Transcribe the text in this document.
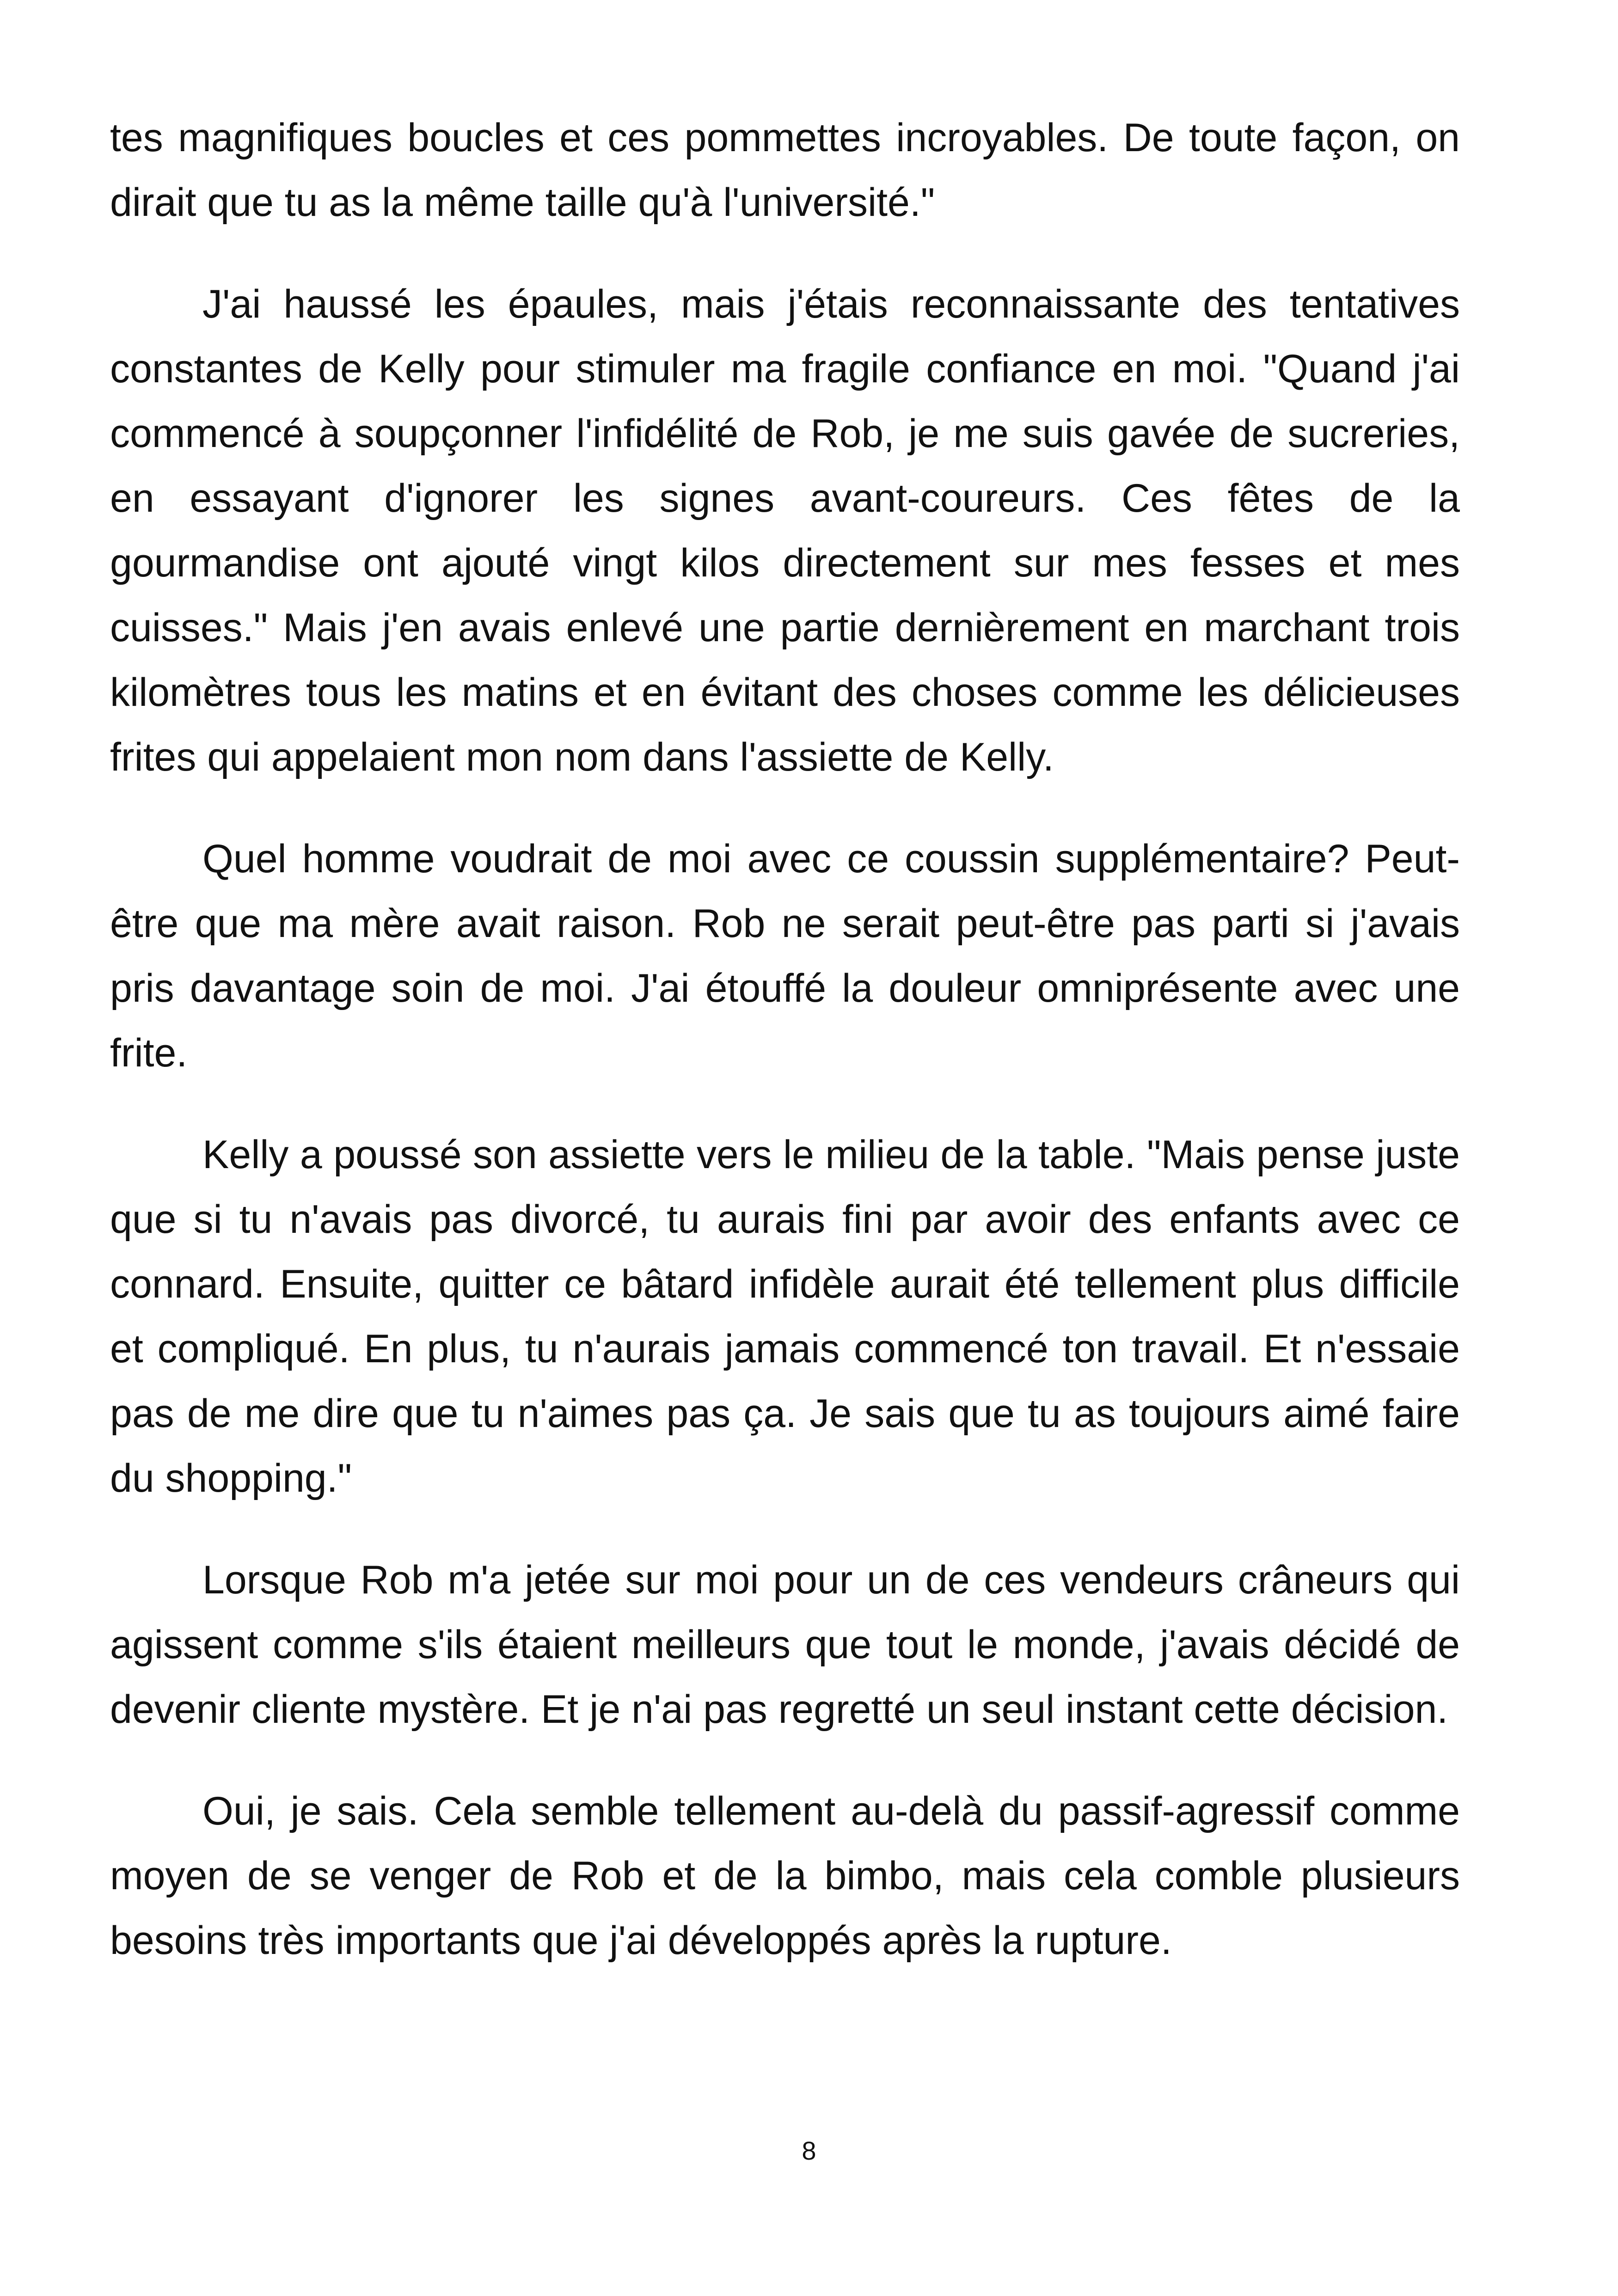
tes magnifiques boucles et ces pommettes incroyables. De toute façon, on dirait que tu as la même taille qu'à l'université."

J'ai haussé les épaules, mais j'étais reconnaissante des tentatives constantes de Kelly pour stimuler ma fragile confiance en moi. "Quand j'ai commencé à soupçonner l'infidélité de Rob, je me suis gavée de sucreries, en essayant d'ignorer les signes avant-coureurs. Ces fêtes de la gourmandise ont ajouté vingt kilos directement sur mes fesses et mes cuisses." Mais j'en avais enlevé une partie dernièrement en marchant trois kilomètres tous les matins et en évitant des choses comme les délicieuses frites qui appelaient mon nom dans l'assiette de Kelly.

Quel homme voudrait de moi avec ce coussin supplémentaire? Peut-être que ma mère avait raison. Rob ne serait peut-être pas parti si j'avais pris davantage soin de moi. J'ai étouffé la douleur omniprésente avec une frite.

Kelly a poussé son assiette vers le milieu de la table. "Mais pense juste que si tu n'avais pas divorcé, tu aurais fini par avoir des enfants avec ce connard. Ensuite, quitter ce bâtard infidèle aurait été tellement plus difficile et compliqué. En plus, tu n'aurais jamais commencé ton travail. Et n'essaie pas de me dire que tu n'aimes pas ça. Je sais que tu as toujours aimé faire du shopping."

Lorsque Rob m'a jetée sur moi pour un de ces vendeurs crâneurs qui agissent comme s'ils étaient meilleurs que tout le monde, j'avais décidé de devenir cliente mystère. Et je n'ai pas regretté un seul instant cette décision.

Oui, je sais. Cela semble tellement au-delà du passif-agressif comme moyen de se venger de Rob et de la bimbo, mais cela comble plusieurs besoins très importants que j'ai développés après la rupture.

8
